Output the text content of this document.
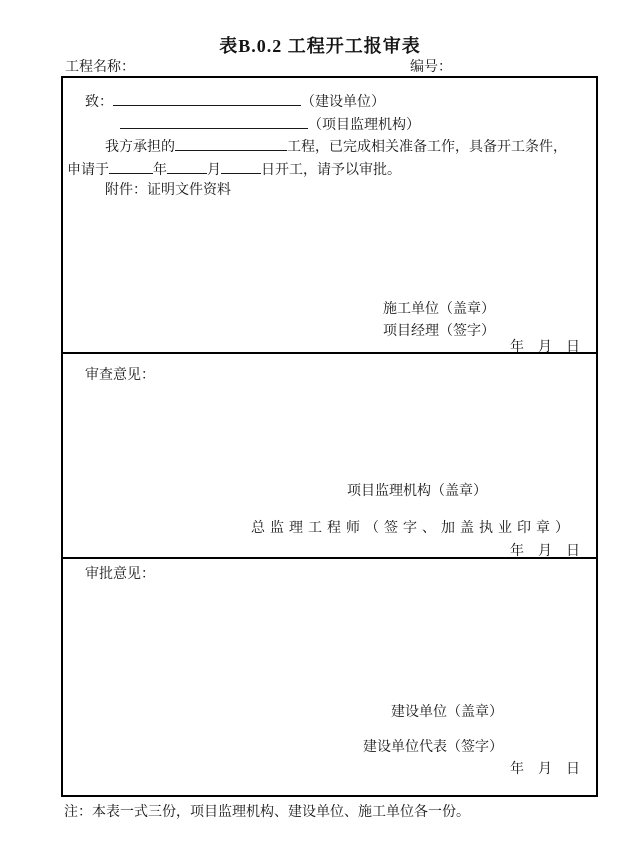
表B.0.2 工程开工报审表
工程名称：	编号：

致：	（建设单位）

（项目监理机构）

我方承担的	工程，已完成相关准备工作，具备开工条件，

申请于	年	月	日开工，请予以审批。

附件：证明文件资料

施工单位（盖章）
项目经理（签字）
年　月　日
审查意见：
项目监理机构（盖章）
总监理工程师（签字、加盖执业印章）
年　月　日
审批意见：
建设单位（盖章）
建设单位代表（签字）
年　月　日
注：本表一式三份，项目监理机构、建设单位、施工单位各一份。
